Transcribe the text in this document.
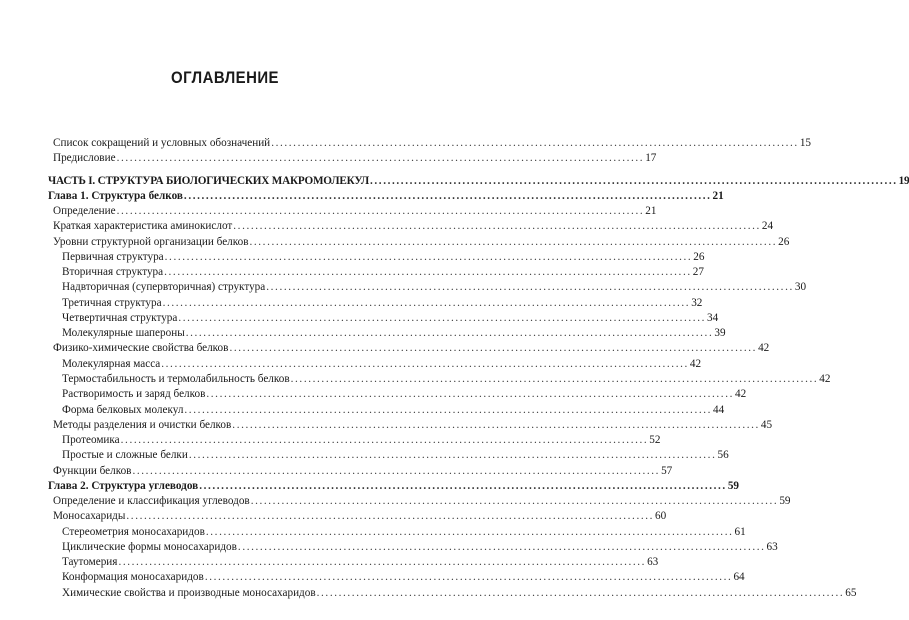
ОГЛАВЛЕНИЕ
Список сокращений и условных обозначений ........................................................................................................................ 15
Предисловие ........................................................................................................................ 17
ЧАСТЬ I. СТРУКТУРА БИОЛОГИЧЕСКИХ МАКРОМОЛЕКУЛ ........................................................................................................................ 19
Глава 1. Структура белков ........................................................................................................................ 21
Определение ........................................................................................................................ 21
Краткая характеристика аминокислот ........................................................................................................................ 24
Уровни структурной организации белков ........................................................................................................................ 26
Первичная структура ........................................................................................................................ 26
Вторичная структура ........................................................................................................................ 27
Надвторичная (супервторичная) структура ........................................................................................................................ 30
Третичная структура ........................................................................................................................ 32
Четвертичная структура ........................................................................................................................ 34
Молекулярные шапероны ........................................................................................................................ 39
Физико-химические свойства белков ........................................................................................................................ 42
Молекулярная масса ........................................................................................................................ 42
Термостабильность и термолабильность белков ........................................................................................................................ 42
Растворимость и заряд белков ........................................................................................................................ 42
Форма белковых молекул ........................................................................................................................ 44
Методы разделения и очистки белков ........................................................................................................................ 45
Протеомика ........................................................................................................................ 52
Простые и сложные белки ........................................................................................................................ 56
Функции белков ........................................................................................................................ 57
Глава 2. Структура углеводов ........................................................................................................................ 59
Определение и классификация углеводов ........................................................................................................................ 59
Моносахариды ........................................................................................................................ 60
Стереометрия моносахаридов ........................................................................................................................ 61
Циклические формы моносахаридов ........................................................................................................................ 63
Таутомерия ........................................................................................................................ 63
Конформация моносахаридов ........................................................................................................................ 64
Химические свойства и производные моносахаридов ........................................................................................................................ 65
